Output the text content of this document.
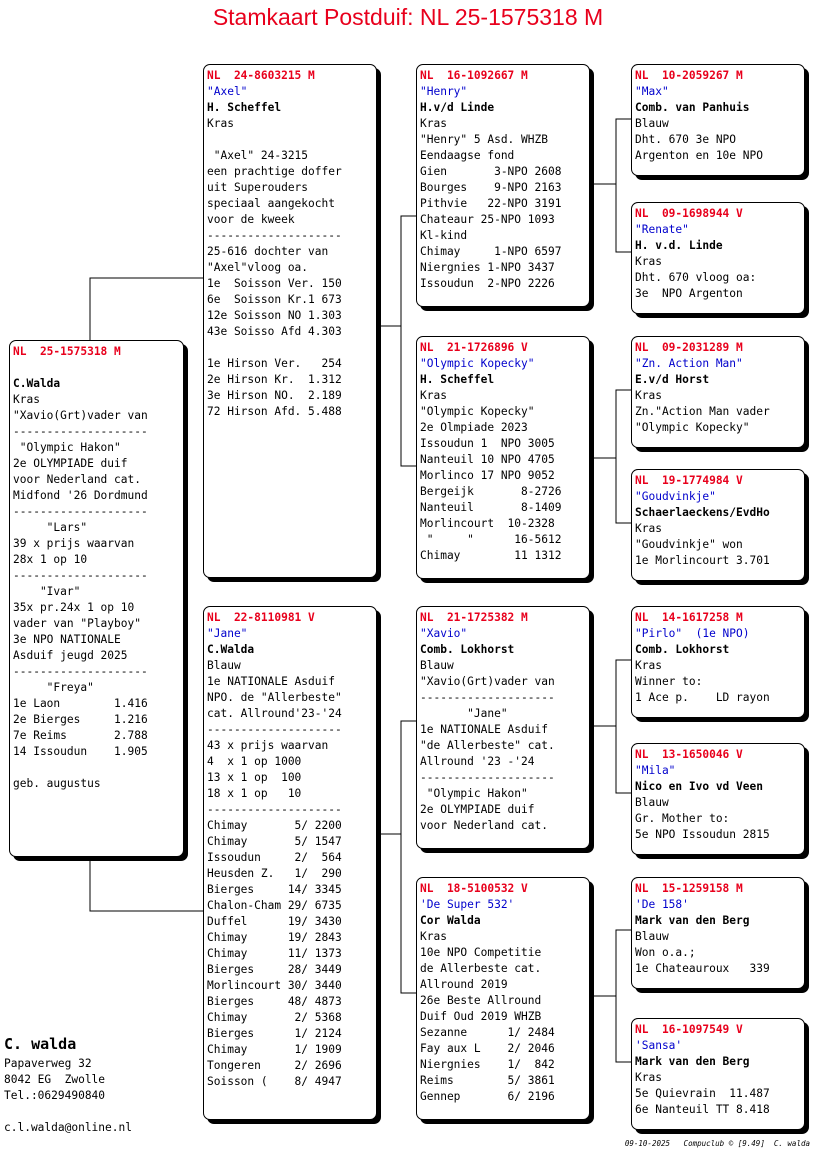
Stamkaart Postduif: NL 25-1575318 M
NL  25-1575318 M
C.Walda
Kras
"Xavio(Grt)vader van
--------------------
"Olympic Hakon"
2e OLYMPIADE duif
voor Nederland cat.
Midfond '26 Dordmund
--------------------
"Lars"
39 x prijs waarvan
28x 1 op 10
--------------------
"Ivar"
35x pr.24x 1 op 10
vader van "Playboy"
3e NPO NATIONALE
Asduif jeugd 2025
--------------------
"Freya"
1e Laon        1.416
2e Bierges     1.216
7e Reims       2.788
14 Issoudun    1.905
geb. augustus
NL  24-8603215 M
"Axel"
H. Scheffel
Kras
"Axel" 24-3215
een prachtige doffer
uit Superouders
speciaal aangekocht
voor de kweek
--------------------
25-616 dochter van
"Axel"vloog oa.
1e  Soisson Ver. 150
6e  Soisson Kr.1 673
12e Soisson NO 1.303
43e Soisso Afd 4.303
1e Hirson Ver.   254
2e Hirson Kr.  1.312
3e Hirson NO.  2.189
72 Hirson Afd. 5.488
NL  22-8110981 V
"Jane"
C.Walda
Blauw
1e NATIONALE Asduif
NPO. de "Allerbeste"
cat. Allround'23-'24
--------------------
43 x prijs waarvan
4  x 1 op 1000
13 x 1 op  100
18 x 1 op   10
--------------------
Chimay       5/ 2200
Chimay       5/ 1547
Issoudun     2/  564
Heusden Z.   1/  290
Bierges     14/ 3345
Chalon-Cham 29/ 6735
Duffel      19/ 3430
Chimay      19/ 2843
Chimay      11/ 1373
Bierges     28/ 3449
Morlincourt 30/ 3440
Bierges     48/ 4873
Chimay       2/ 5368
Bierges      1/ 2124
Chimay       1/ 1909
Tongeren     2/ 2696
Soisson (    8/ 4947
NL  16-1092667 M
"Henry"
H.v/d Linde
Kras
"Henry" 5 Asd. WHZB
Eendaagse fond
Gien       3-NPO 2608
Bourges    9-NPO 2163
Pithvie   22-NPO 3191
Chateaur 25-NPO 1093
Kl-kind
Chimay     1-NPO 6597
Niergnies 1-NPO 3437
Issoudun  2-NPO 2226
NL  21-1726896 V
"Olympic Kopecky"
H. Scheffel
Kras
"Olympic Kopecky"
2e Olmpiade 2023
Issoudun 1  NPO 3005
Nanteuil 10 NPO 4705
Morlinco 17 NPO 9052
Bergeijk       8-2726
Nanteuil       8-1409
Morlincourt  10-2328
"     "      16-5612
Chimay        11 1312
NL  21-1725382 M
"Xavio"
Comb. Lokhorst
Blauw
"Xavio(Grt)vader van
--------------------
"Jane"
1e NATIONALE Asduif
"de Allerbeste" cat.
Allround '23 -'24
--------------------
"Olympic Hakon"
2e OLYMPIADE duif
voor Nederland cat.
NL  18-5100532 V
'De Super 532'
Cor Walda
Kras
10e NPO Competitie
de Allerbeste cat.
Allround 2019
26e Beste Allround
Duif Oud 2019 WHZB
Sezanne      1/ 2484
Fay aux L    2/ 2046
Niergnies    1/  842
Reims        5/ 3861
Gennep       6/ 2196
NL  10-2059267 M
"Max"
Comb. van Panhuis
Blauw
Dht. 670 3e NPO
Argenton en 10e NPO
NL  09-1698944 V
"Renate"
H. v.d. Linde
Kras
Dht. 670 vloog oa:
3e  NPO Argenton
NL  09-2031289 M
"Zn. Action Man"
E.v/d Horst
Kras
Zn."Action Man vader
"Olympic Kopecky"
NL  19-1774984 V
"Goudvinkje"
Schaerlaeckens/EvdHo
Kras
"Goudvinkje" won
1e Morlincourt 3.701
NL  14-1617258 M
"Pirlo"  (1e NPO)
Comb. Lokhorst
Kras
Winner to:
1 Ace p.    LD rayon
NL  13-1650046 V
"Mila"
Nico en Ivo vd Veen
Blauw
Gr. Mother to:
5e NPO Issoudun 2815
NL  15-1259158 M
'De 158'
Mark van den Berg
Blauw
Won o.a.;
1e Chateauroux   339
NL  16-1097549 V
'Sansa'
Mark van den Berg
Kras
5e Quievrain  11.487
6e Nanteuil TT 8.418
C. walda
Papaverweg 32
8042 EG  Zwolle
Tel.:0629490840
c.l.walda@online.nl
09-10-2025   Compuclub © [9.49]  C. walda
